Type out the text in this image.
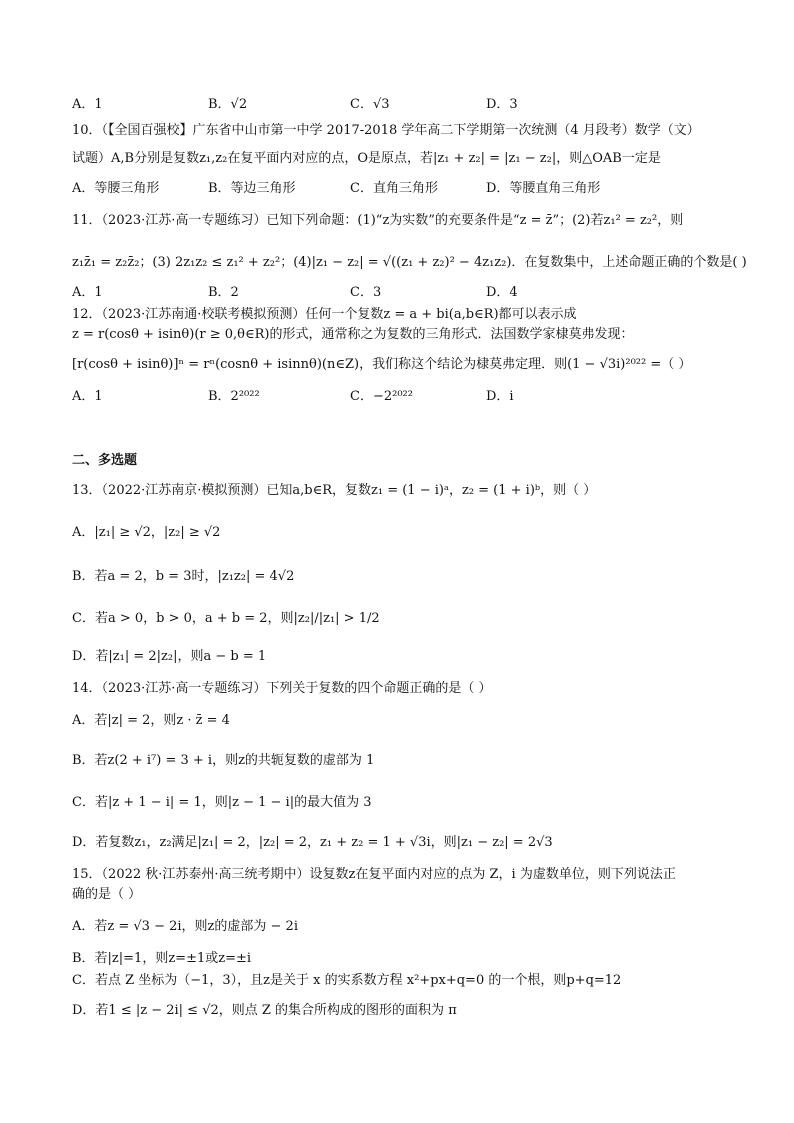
A．1	B．√2	C．√3	D．3
10．（【全国百强校】广东省中山市第一中学 2017-2018 学年高二下学期第一次统测（4 月段考）数学（文）
试题）A,B分别是复数z₁,z₂在复平面内对应的点，O是原点，若|z₁ + z₂| = |z₁ − z₂|，则△OAB一定是
A．等腰三角形	B．等边三角形	C．直角三角形	D．等腰直角三角形
11．（2023·江苏·高一专题练习）已知下列命题：(1)“z为实数”的充要条件是“z = z̄”；(2)若z₁² = z₂²，则
z₁z̄₁ = z₂z̄₂；(3) 2z₁z₂ ≤ z₁² + z₂²；(4)|z₁ − z₂| = √((z₁ + z₂)² − 4z₁z₂)．在复数集中，上述命题正确的个数是( )
A．1	B．2	C．3	D．4
12．（2023·江苏南通·校联考模拟预测）任何一个复数z = a + bi(a,b∈R)都可以表示成
z = r(cosθ + isinθ)(r ≥ 0,θ∈R)的形式，通常称之为复数的三角形式．法国数学家棣莫弗发现：
[r(cosθ + isinθ)]ⁿ = rⁿ(cosnθ + isinnθ)(n∈Z)，我们称这个结论为棣莫弗定理．则(1 − √3i)²⁰²² =（ ）
A．1	B．2²⁰²²	C．−2²⁰²²	D．i
二、多选题
13．（2022·江苏南京·模拟预测）已知a,b∈R，复数z₁ = (1 − i)ᵃ，z₂ = (1 + i)ᵇ，则（ ）
A．|z₁| ≥ √2，|z₂| ≥ √2
B．若a = 2，b = 3时，|z₁z₂| = 4√2
C．若a > 0，b > 0，a + b = 2，则|z₂|/|z₁| > 1/2
D．若|z₁| = 2|z₂|，则a − b = 1
14．（2023·江苏·高一专题练习）下列关于复数的四个命题正确的是（ ）
A．若|z| = 2，则z · z̄ = 4
B．若z(2 + i⁷) = 3 + i，则z的共轭复数的虚部为 1
C．若|z + 1 − i| = 1，则|z − 1 − i|的最大值为 3
D．若复数z₁，z₂满足|z₁| = 2，|z₂| = 2，z₁ + z₂ = 1 + √3i，则|z₁ − z₂| = 2√3
15．（2022 秋·江苏泰州·高三统考期中）设复数z在复平面内对应的点为 Z，i 为虚数单位，则下列说法正
确的是（ ）
A．若z = √3 − 2i，则z的虚部为 − 2i
B．若|z|=1，则z=±1或z=±i
C．若点 Z 坐标为（−1，3），且z是关于 x 的实系数方程 x²+px+q=0 的一个根，则p+q=12
D．若1 ≤ |z − 2i| ≤ √2，则点 Z 的集合所构成的图形的面积为 π
